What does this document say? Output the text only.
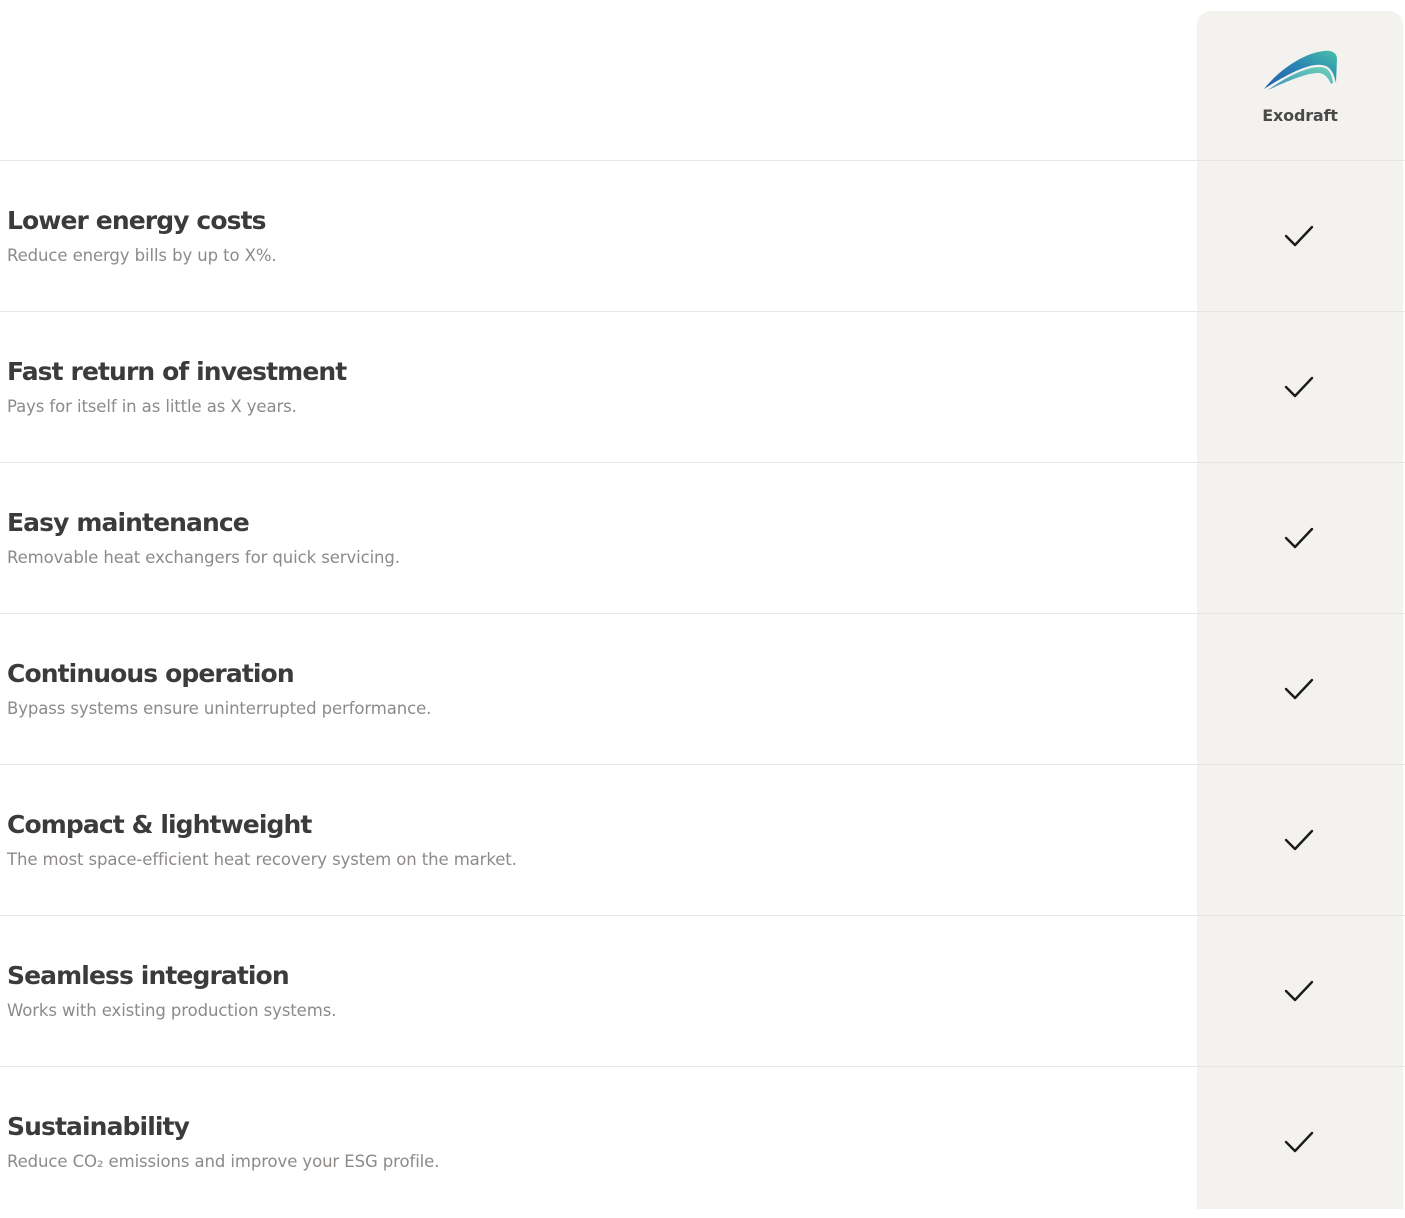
Exodraft
Lower energy costs
Reduce energy bills by up to X%.
Fast return of investment
Pays for itself in as little as X years.
Easy maintenance
Removable heat exchangers for quick servicing.
Continuous operation
Bypass systems ensure uninterrupted performance.
Compact & lightweight
The most space-efficient heat recovery system on the market.
Seamless integration
Works with existing production systems.
Sustainability
Reduce CO₂ emissions and improve your ESG profile.
